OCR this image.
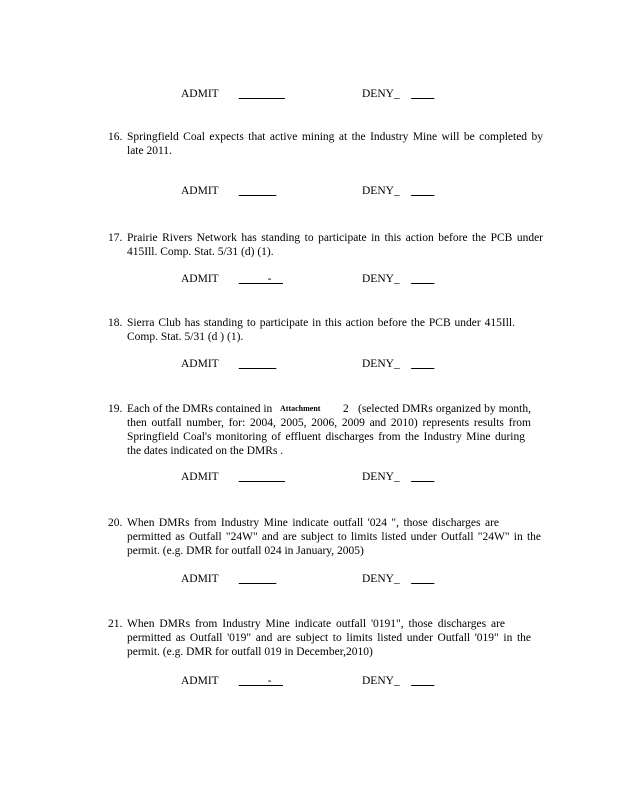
ADMIT ________	DENY_ ____
16. Springfield Coal expects that active mining at the Industry Mine will be completed by
late 2011.
ADMIT ____ __	DENY_ ____
17. Prairie Rivers Network has standing to participate in this action before the PCB under
415Ill. Comp. Stat. 5/31 (d) (1).
ADMIT _____-__	DENY_ ____
18. Sierra Club has standing to participate in this action before the PCB under 415Ill.
Comp. Stat. 5/31 (d ) (1).
ADMIT ____ __	DENY_ ____
19. Each of the DMRs contained in Attachment 2 (selected DMRs organized by month,
then outfall number, for: 2004, 2005, 2006, 2009 and 2010) represents results from
Springfield Coal's monitoring of effluent discharges from the Industry Mine during
the dates indicated on the DMRs .
ADMIT ________	DENY_ ____
20. When DMRs from Industry Mine indicate outfall '024 ", those discharges are
permitted as Outfall "24W" and are subject to limits listed under Outfall "24W" in the
permit. (e.g. DMR for outfall 024 in January, 2005)
ADMIT ____ __	DENY_ ____
21. When DMRs from Industry Mine indicate outfall '0191", those discharges are
permitted as Outfall '019" and are subject to limits listed under Outfall '019" in the
permit. (e.g. DMR for outfall 019 in December,2010)
ADMIT _____-__	DENY_ ____
